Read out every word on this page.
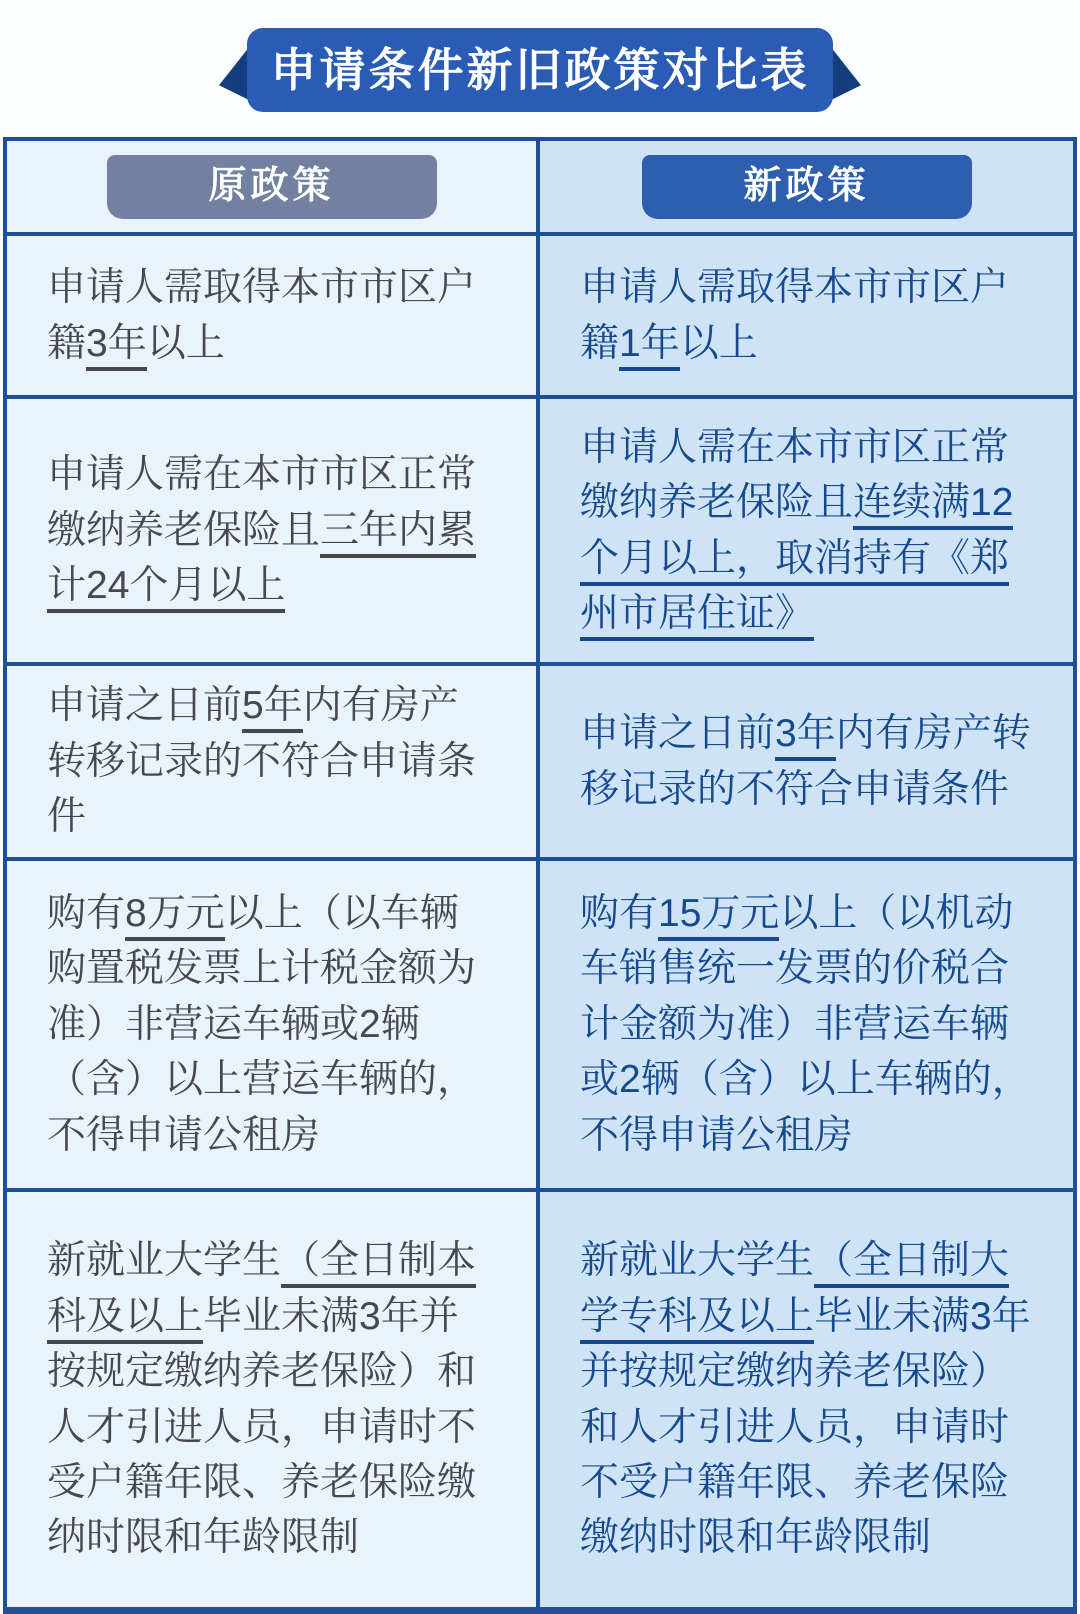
申请条件新旧政策对比表
原政策	新政策
申请人需取得本市市区户籍3年以上
申请人需取得本市市区户籍1年以上
申请人需在本市市区正常缴纳养老保险且三年内累计24个月以上
申请人需在本市市区正常缴纳养老保险且连续满12个月以上，取消持有《郑州市居住证》
申请之日前5年内有房产转移记录的不符合申请条件
申请之日前3年内有房产转移记录的不符合申请条件
购有8万元以上（以车辆购置税发票上计税金额为准）非营运车辆或2辆（含）以上营运车辆的，不得申请公租房
购有15万元以上（以机动车销售统一发票的价税合计金额为准）非营运车辆或2辆（含）以上车辆的，不得申请公租房
新就业大学生（全日制本科及以上毕业未满3年并按规定缴纳养老保险）和人才引进人员，申请时不受户籍年限、养老保险缴纳时限和年龄限制
新就业大学生（全日制大学专科及以上毕业未满3年并按规定缴纳养老保险）和人才引进人员，申请时不受户籍年限、养老保险缴纳时限和年龄限制
